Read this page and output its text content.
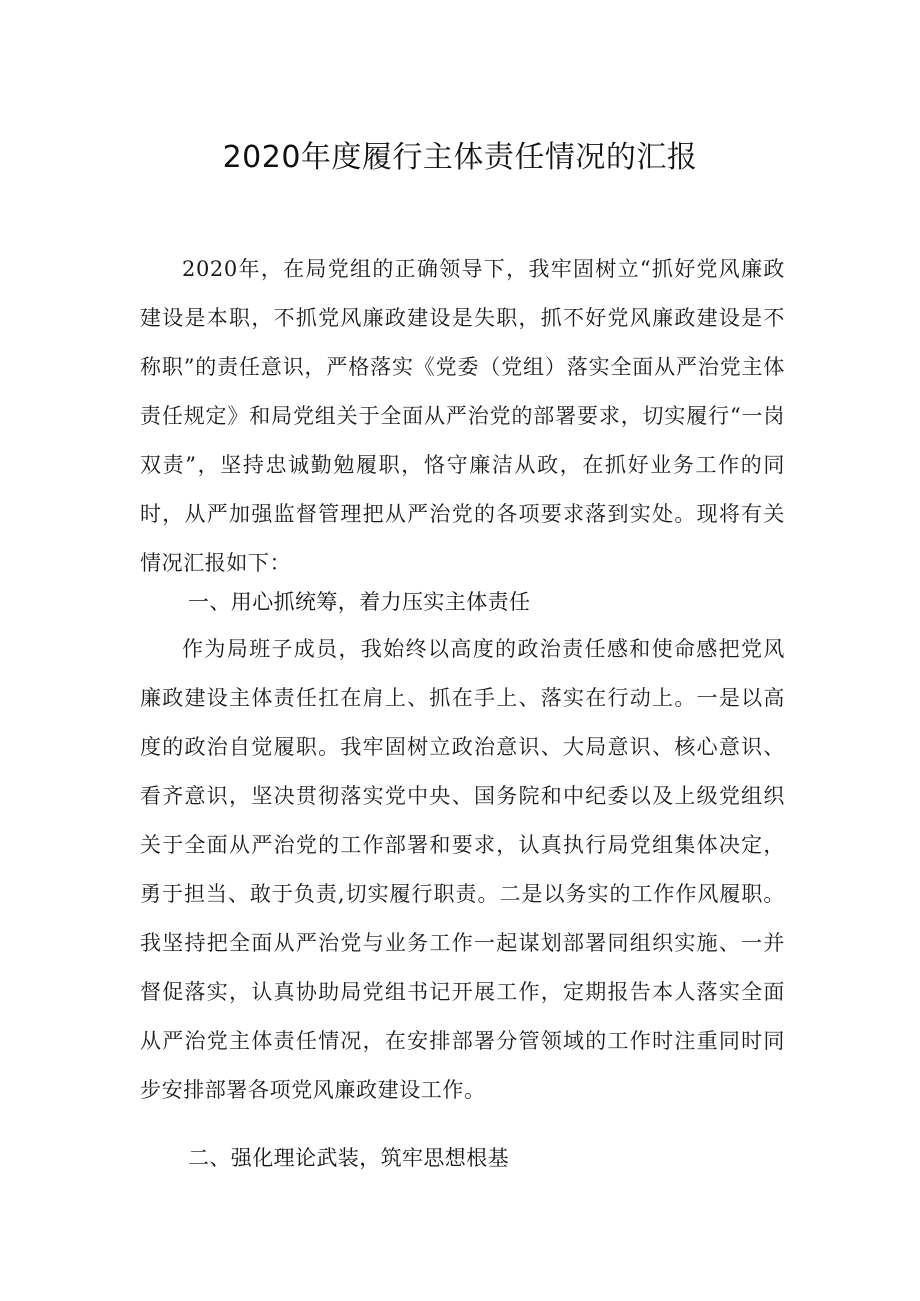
2020年度履行主体责任情况的汇报
2020年，在局党组的正确领导下，我牢固树立“抓好党风廉政建设是本职，不抓党风廉政建设是失职，抓不好党风廉政建设是不称职”的责任意识，严格落实《党委（党组）落实全面从严治党主体责任规定》和局党组关于全面从严治党的部署要求，切实履行“一岗双责”，坚持忠诚勤勉履职，恪守廉洁从政，在抓好业务工作的同时，从严加强监督管理把从严治党的各项要求落到实处。现将有关情况汇报如下：
一、用心抓统筹，着力压实主体责任
作为局班子成员，我始终以高度的政治责任感和使命感把党风廉政建设主体责任扛在肩上、抓在手上、落实在行动上。一是以高度的政治自觉履职。我牢固树立政治意识、大局意识、核心意识、看齐意识，坚决贯彻落实党中央、国务院和中纪委以及上级党组织关于全面从严治党的工作部署和要求，认真执行局党组集体决定，勇于担当、敢于负责,切实履行职责。二是以务实的工作作风履职。我坚持把全面从严治党与业务工作一起谋划部署同组织实施、一并督促落实，认真协助局党组书记开展工作，定期报告本人落实全面从严治党主体责任情况，在安排部署分管领域的工作时注重同时同步安排部署各项党风廉政建设工作。
二、强化理论武装，筑牢思想根基
